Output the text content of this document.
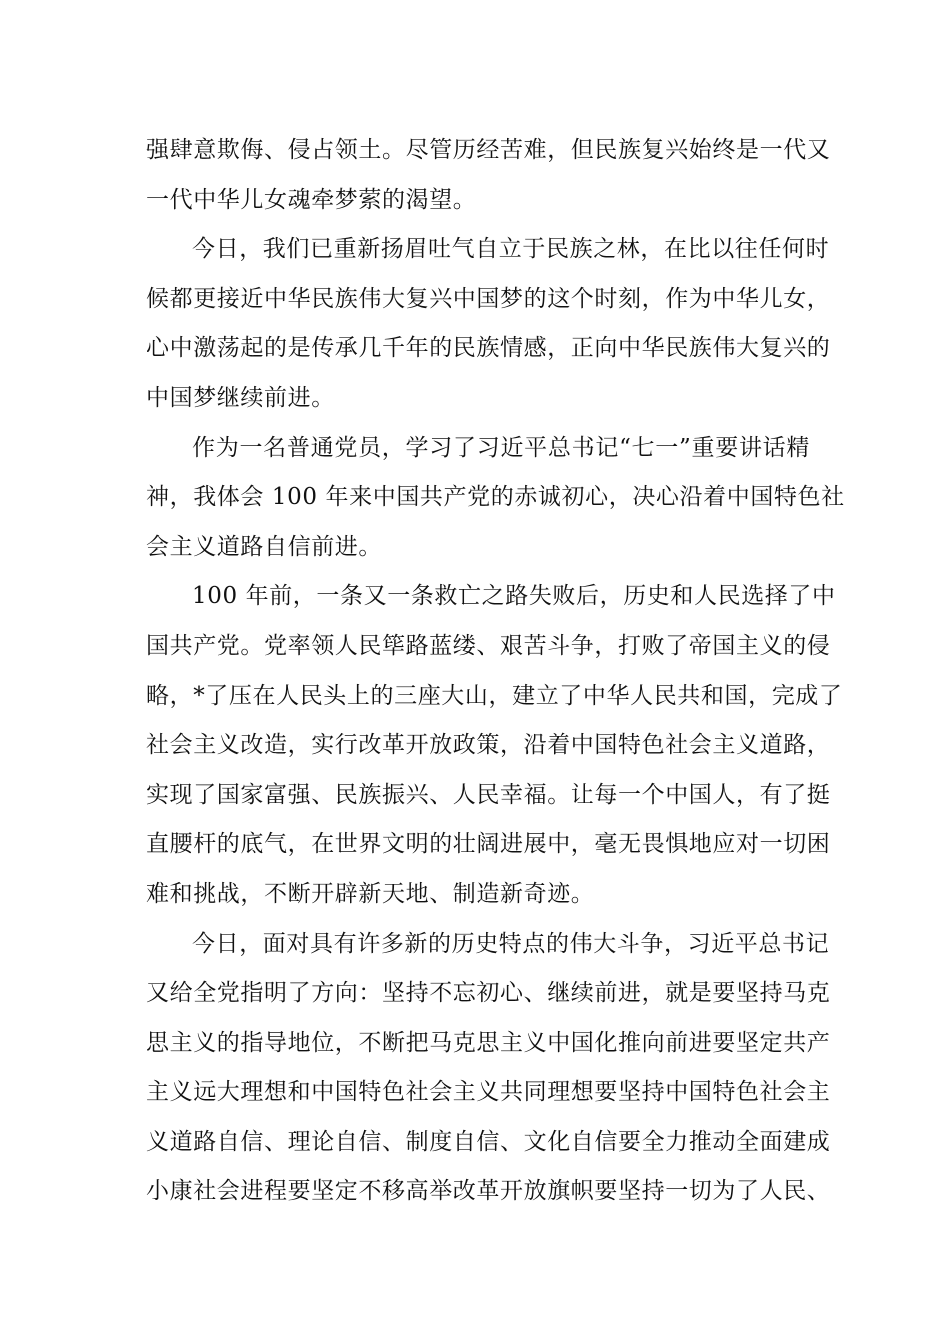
强肆意欺侮、侵占领土。尽管历经苦难，但民族复兴始终是一代又
一代中华儿女魂牵梦萦的渴望。
今日，我们已重新扬眉吐气自立于民族之林，在比以往任何时
候都更接近中华民族伟大复兴中国梦的这个时刻，作为中华儿女，
心中激荡起的是传承几千年的民族情感，正向中华民族伟大复兴的
中国梦继续前进。
作为一名普通党员，学习了习近平总书记“七一”重要讲话精
神，我体会 100 年来中国共产党的赤诚初心，决心沿着中国特色社
会主义道路自信前进。
100 年前，一条又一条救亡之路失败后，历史和人民选择了中
国共产党。党率领人民筚路蓝缕、艰苦斗争，打败了帝国主义的侵
略，*了压在人民头上的三座大山，建立了中华人民共和国，完成了
社会主义改造，实行改革开放政策，沿着中国特色社会主义道路，
实现了国家富强、民族振兴、人民幸福。让每一个中国人，有了挺
直腰杆的底气，在世界文明的壮阔进展中，毫无畏惧地应对一切困
难和挑战，不断开辟新天地、制造新奇迹。
今日，面对具有许多新的历史特点的伟大斗争，习近平总书记
又给全党指明了方向：坚持不忘初心、继续前进，就是要坚持马克
思主义的指导地位，不断把马克思主义中国化推向前进要坚定共产
主义远大理想和中国特色社会主义共同理想要坚持中国特色社会主
义道路自信、理论自信、制度自信、文化自信要全力推动全面建成
小康社会进程要坚定不移高举改革开放旗帜要坚持一切为了人民、
